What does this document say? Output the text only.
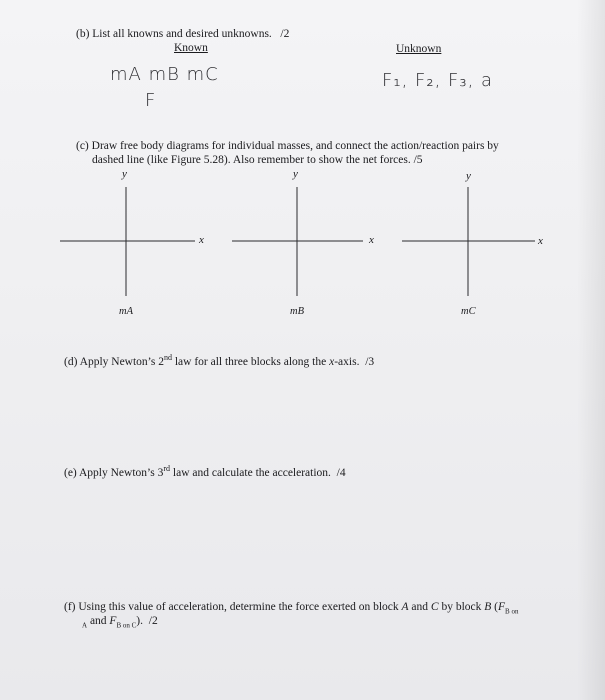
(b) List all knowns and desired unknowns. /2
Known	Unknown
mA mB mC
F
F₁, F₂, F₃, a
(c) Draw free body diagrams for individual masses, and connect the action/reaction pairs by
dashed line (like Figure 5.28). Also remember to show the net forces. /5
y
x
mA
y
x
mB
y
x
mC
(d) Apply Newton’s 2nd law for all three blocks along the x-axis. /3
(e) Apply Newton’s 3rd law and calculate the acceleration. /4
(f) Using this value of acceleration, determine the force exerted on block A and C by block B ($F_{B on}$
$_A$ and $F_{B on C}$). /2
